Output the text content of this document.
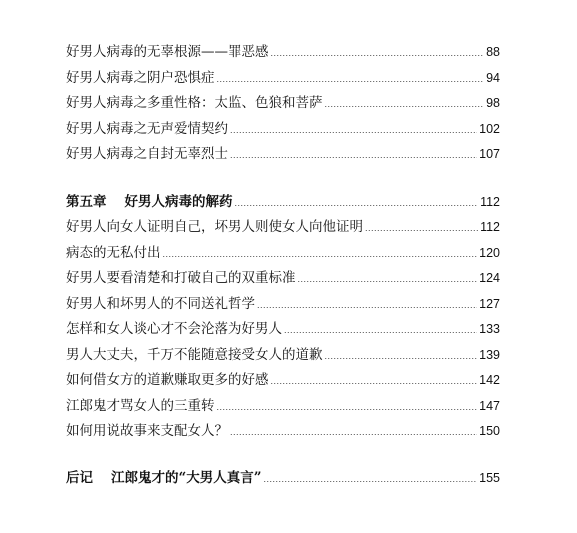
好男人病毒的无辜根源——罪恶感 .....	88
好男人病毒之阴户恐惧症 .....	94
好男人病毒之多重性格：太监、色狼和菩萨 .....	98
好男人病毒之无声爱情契约 .....	102
好男人病毒之自封无辜烈士 .....	107
第五章 好男人病毒的解药 .....	112
好男人向女人证明自己，坏男人则使女人向他证明 .....	112
病态的无私付出 .....	120
好男人要看清楚和打破自己的双重标准 .....	124
好男人和坏男人的不同送礼哲学 .....	127
怎样和女人谈心才不会沦落为好男人 .....	133
男人大丈夫，千万不能随意接受女人的道歉 .....	139
如何借女方的道歉赚取更多的好感 .....	142
江郎鬼才骂女人的三重转 .....	147
如何用说故事来支配女人？ .....	150
后记 江郎鬼才的“大男人真言” .....	155
